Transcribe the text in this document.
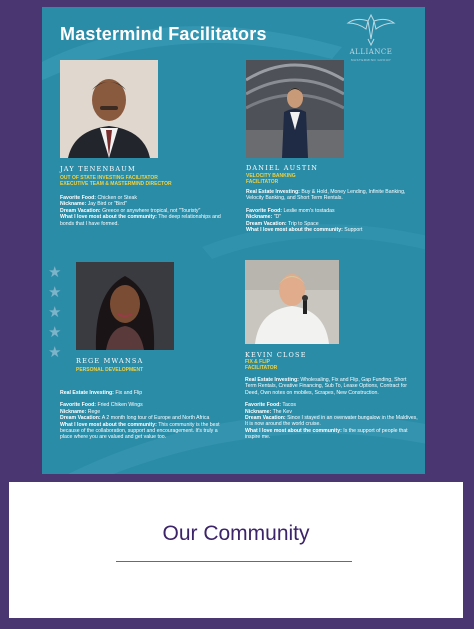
Mastermind Facilitators
ALLIANCE
MASTERMIND GROUP
JAY TENENBAUM
OUT OF STATE INVESTING FACILITATOR
EXECUTIVE TEAM & MASTERMIND DIRECTOR

Favorite Food: Chicken or Steak

Nickname: Jay Bird or "Bird"

Dream Vacation: Greece or anywhere tropical, not "Touristy"

What I love most about the community: The deep relationships and bonds that I have formed.

DANIEL AUSTIN
VELOCITY BANKING
FACILITATOR

Real Estate Investing: Buy & Hold, Money Lending, Infinite Banking, Velocity Banking, and Short Term Rentals.

Favorite Food: Leslie mom's tostadas

Nickname: "D"

Dream Vacation: Trip to Space

What I love most about the community: Support

★
★
★
★
★	REGE MWANSA
PERSONAL DEVELOPMENT

Real Estate Investing: Fix and Flip

Favorite Food: Fried Chiken Wings

Nickname: Rege

Dream Vacation: A 2 month long tour of Europe and North Africa

What I love most about the community: This community is the best because of the collaboration, support and encouragement. It's truly a place where you are valued and get value too.

KEVIN CLOSE
FIX & FLIP
FACILITATOR

Real Estate Investing: Wholesaling, Fix and Flip, Gap Funding, Short Term Rentals, Creative Financing, Sub To, Lease Options, Contract for Deed, Own notes on mobiles, Scrapes, New Construction.

Favorite Food: Tacos

Nickname: The Kev

Dream Vacation: Since I stayed in an overwater bungalow in the Maldives, It is now around the world cruise.

What I love most about the community: Is the support of people that inspire me.

Our Community
